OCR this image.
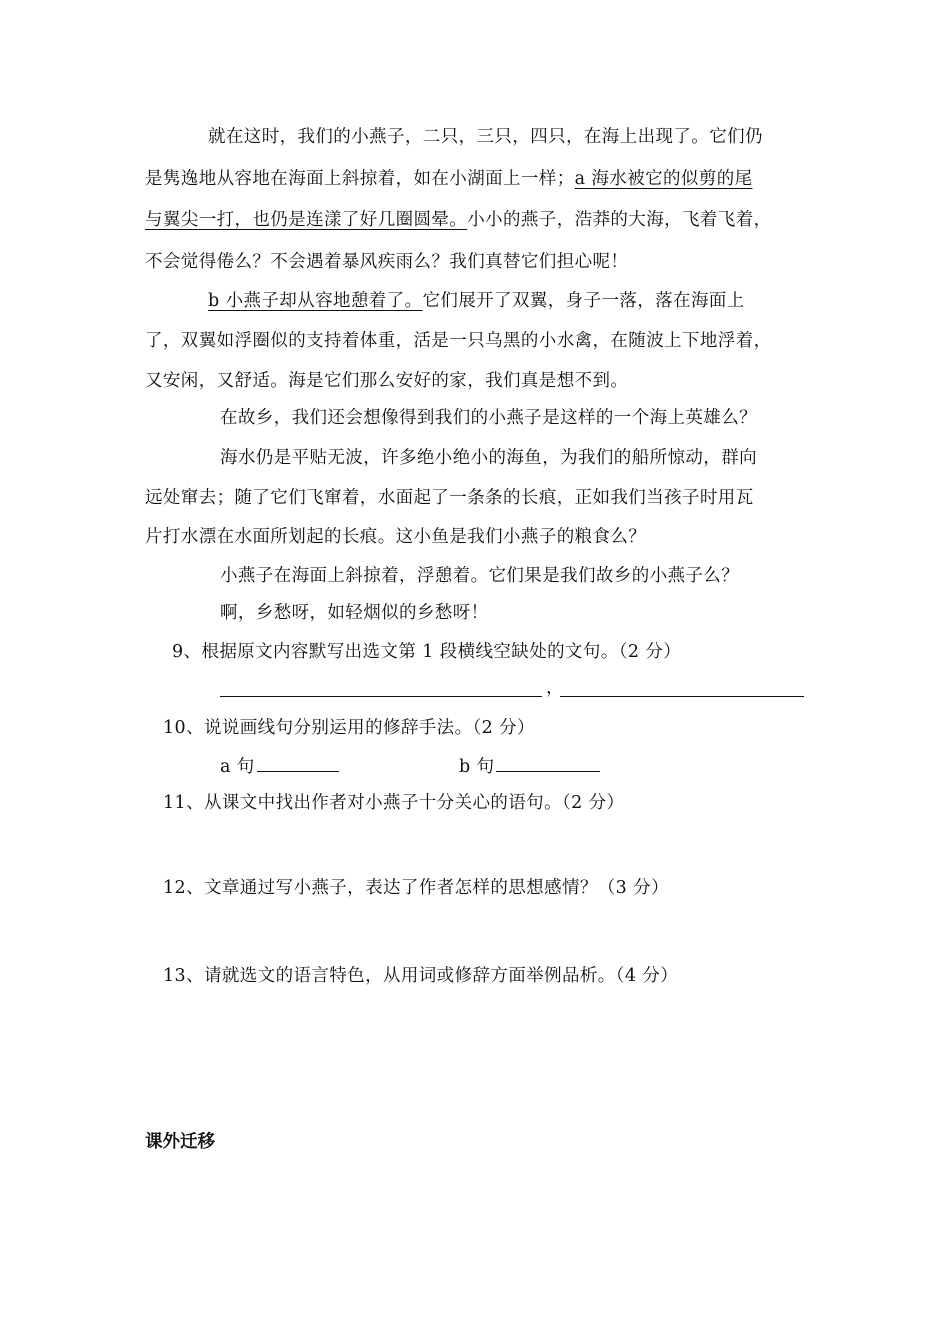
就在这时，我们的小燕子，二只，三只，四只，在海上出现了。它们仍
是隽逸地从容地在海面上斜掠着，如在小湖面上一样；a 海水被它的似剪的尾
与翼尖一打，也仍是连漾了好几圈圆晕。小小的燕子，浩莽的大海，飞着飞着，
不会觉得倦么？不会遇着暴风疾雨么？我们真替它们担心呢！
b 小燕子却从容地憩着了。它们展开了双翼，身子一落，落在海面上
了，双翼如浮圈似的支持着体重，活是一只乌黑的小水禽，在随波上下地浮着，
又安闲，又舒适。海是它们那么安好的家，我们真是想不到。
在故乡，我们还会想像得到我们的小燕子是这样的一个海上英雄么？
海水仍是平贴无波，许多绝小绝小的海鱼，为我们的船所惊动，群向
远处窜去；随了它们飞窜着，水面起了一条条的长痕，正如我们当孩子时用瓦
片打水漂在水面所划起的长痕。这小鱼是我们小燕子的粮食么？
小燕子在海面上斜掠着，浮憩着。它们果是我们故乡的小燕子么？
啊，乡愁呀，如轻烟似的乡愁呀！
9、根据原文内容默写出选文第 1 段横线空缺处的文句。（2 分）
，
10、说说画线句分别运用的修辞手法。（2 分）
a 句	b 句
11、从课文中找出作者对小燕子十分关心的语句。（2 分）
12、文章通过写小燕子，表达了作者怎样的思想感情？（3 分）
13、请就选文的语言特色，从用词或修辞方面举例品析。（4 分）
课外迁移
